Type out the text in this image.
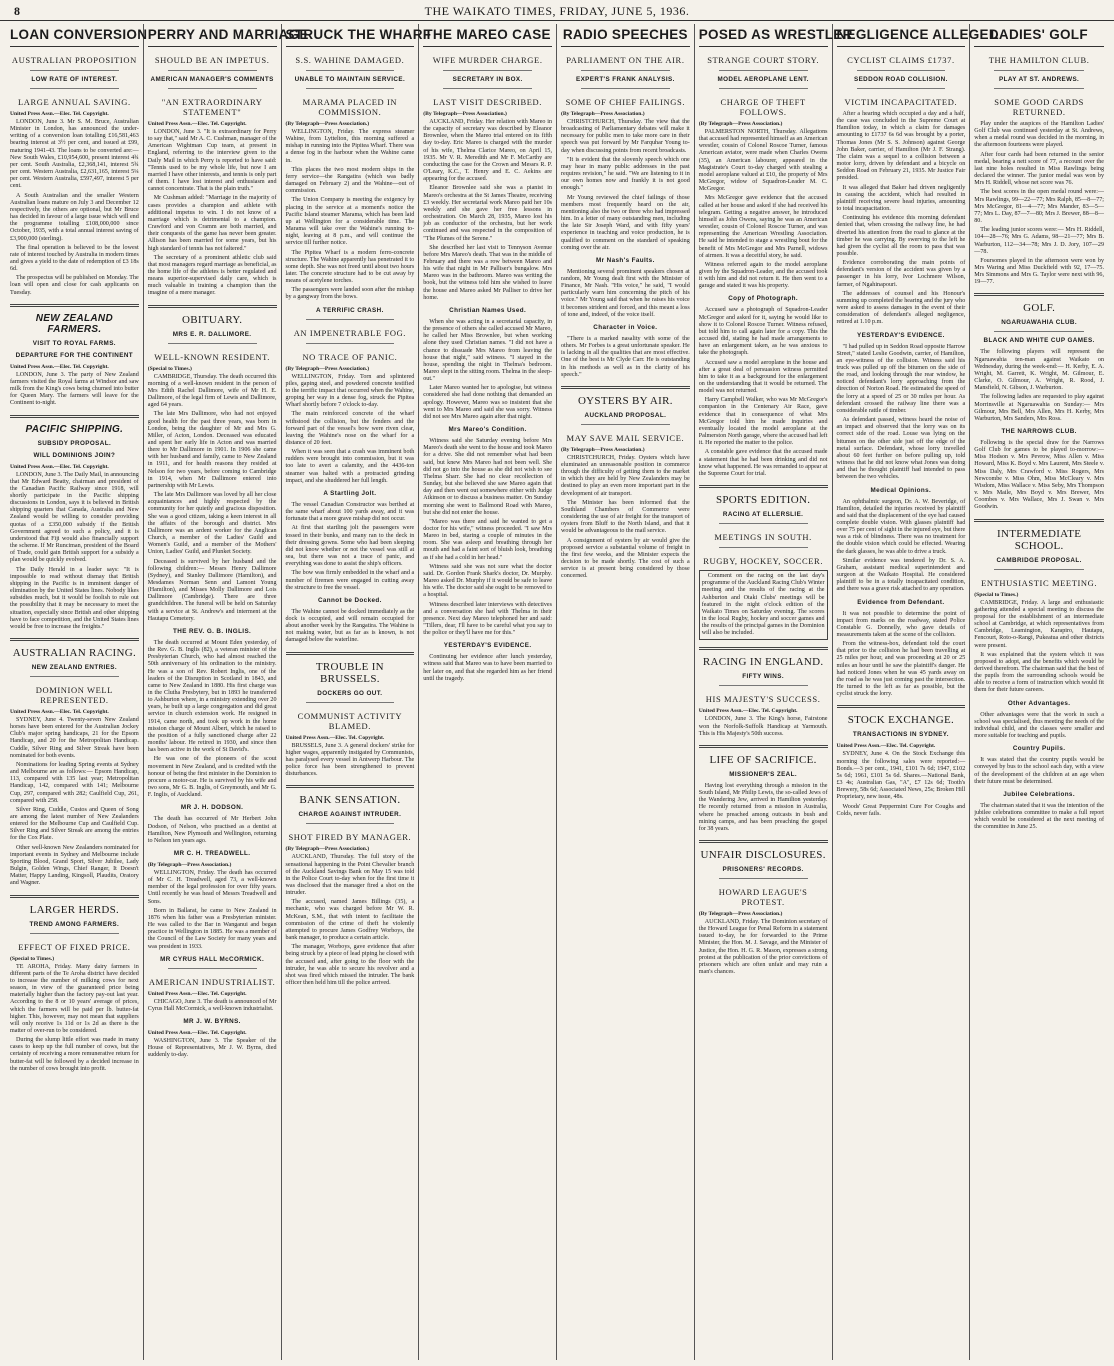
8	THE WAIKATO TIMES, FRIDAY, JUNE 5, 1936.
LOAN CONVERSION
AUSTRALIAN PROPOSITION
LOW RATE OF INTEREST.
LARGE ANNUAL SAVING.
United Press Assn.—Elec. Tel. Copyright.

LONDON, June 3. Mr S. M. Bruce, Australian Minister in London, has announced the under-writing of a conversion loan totalling £16,581,463 bearing interest at 3½ per cent, and issued at £99, maturing 1941-43. The loans to be converted are:— New South Wales, £10,954,600, present interest 4¾ per cent. South Australia, £2,368,141, interest 5¾ per cent. Western Australia, £2,631,165, interest 5¼ per cent. Western Australia, £597,497, interest 5 per cent.

A South Australian and the smaller Western Australian loans mature on July 3 and December 12 respectively, the others are optional, but Mr Bruce has decided in favour of a large issue which will end the programme totalling £108,000,000 since October, 1935, with a total annual interest saving of £3,900,000 (sterling).

The final operation is believed to be the lowest rate of interest touched by Australia in modern times and gives a yield to the date of redemption of £3 18s 6d.

The prospectus will be published on Monday. The loan will open and close for cash applicants on Tuesday.

NEW ZEALAND FARMERS.
VISIT TO ROYAL FARMS.
DEPARTURE FOR THE CONTINENT
United Press Assn.—Elec. Tel. Copyright.

LONDON, June 3. The party of New Zealand farmers visited the Royal farms at Windsor and saw milk from the King's cows being churned into butter for Queen Mary. The farmers will leave for the Continent to-night.

PACIFIC SHIPPING.
SUBSIDY PROPOSAL.
WILL DOMINIONS JOIN?
United Press Assn.—Elec. Tel. Copyright.

LONDON, June 3. The Daily Mail, in announcing that Mr Edward Beatty, chairman and president of the Canadian Pacific Railway since 1918, will shortly participate in the Pacific shipping discussions in London, says it is believed in British shipping quarters that Canada, Australia and New Zealand would be willing to consider providing quotas of a £350,000 subsidy if the British Government agreed to such a policy, and it is understood that Fiji would also financially support the scheme. If Mr Runciman, president of the Board of Trade, could gain British support for a subsidy a plan would be quickly evolved.

The Daily Herald in a leader says: "It is impossible to read without dismay that British shipping in the Pacific is in imminent danger of elimination by the United States lines. Nobody likes subsidies much, but it would be foolish to rule out the possibility that it may be necessary to meet the situation, especially since British and other shipping have to face competition, and the United States lines would be free to increase the freights."

AUSTRALIAN RACING.
NEW ZEALAND ENTRIES.
DOMINION WELL REPRESENTED.
United Press Assn.—Elec. Tel. Copyright.

SYDNEY, June 4. Twenty-seven New Zealand horses have been entered for the Australian Jockey Club's major spring handicaps, 21 for the Epsom Handicap, and 20 for the Metropolitan Handicap. Cuddle, Silver Ring and Silver Streak have been nominated for both events.

Nominations for leading Spring events at Sydney and Melbourne are as follows:— Epsom Handicap, 113, compared with 135 last year; Metropolitan Handicap, 142, compared with 141; Melbourne Cup, 297, compared with 282; Caulfield Cup, 261, compared with 258.

Silver Ring, Cuddle, Custos and Queen of Song are among the latest number of New Zealanders entered for the Melbourne Cup and Caulfield Cup. Silver Ring and Silver Streak are among the entries for the Cox Plate.

Other well-known New Zealanders nominated for important events in Sydney and Melbourne include Sporting Blood, Grand Sport, Silver Jubilee, Lady Bulgin, Golden Wings, Chief Ranger, It Doesn't Matter, Happy Landing, Kingsoll, Plaudits, Oratory and Wagner.

LARGER HERDS.
TREND AMONG FARMERS.
EFFECT OF FIXED PRICE.
(Special to Times.)

TE AROHA, Friday. Many dairy farmers in different parts of the Te Aroha district have decided to increase the number of milking cows for next season, in view of the guaranteed price being materially higher than the factory pay-out last year. According to the 8 or 10 years' average of prices, which the farmers will be paid per lb. butter-fat higher. This, however, may not mean that suppliers will only receive 1s 11d or 1s 2d as there is the matter of over-run to be considered.

During the slump little effort was made in many cases to keep up the full number of cows, but the certainty of receiving a more remunerative return for butter-fat will be followed by a decided increase in the number of cows brought into profit.

PERRY AND MARRIAGE
SHOULD BE AN IMPETUS.
AMERICAN MANAGER'S COMMENTS
"AN EXTRAORDINARY STATEMENT"
United Press Assn.—Elec. Tel. Copyright.

LONDON, June 3. "It is extraordinary for Perry to say that," said Mr A. C. Cushman, manager of the American Wightman Cup team, at present in England, referring to the interview given to the Daily Mail in which Perry is reported to have said: "Tennis used to be my whole life, but now I am married I have other interests, and tennis is only part of them. I have lost interest and enthusiasm and cannot concentrate. That is the plain truth."

Mr Cushman added: "Marriage in the majority of cases provides a champion and athlete with additional impetus to win. I do not know of a marriage which is detrimental to a champion. Crawford and von Cramm are both married, and their conquests of the game has never been greater. Allison has been married for some years, but his high standard of tennis has not faltered."

The secretary of a prominent athletic club said that most managers regard marriage as beneficial, as the home life of the athletes is better regulated and means superior-supervised daily care, which is much valuable in training a champion than the imagine of a mere manager.

OBITUARY.
MRS E. R. DALLIMORE.
WELL-KNOWN RESIDENT.
(Special to Times.)

CAMBRIDGE, Thursday. The death occurred this morning of a well-known resident in the person of Mrs Edith Rachel Dallimore, wife of Mr H. E. Dallimore, of the legal firm of Lewis and Dallimore, aged 64 years.

The late Mrs Dallimore, who had not enjoyed good health for the past three years, was born in London, being the daughter of Mr and Mrs G. Miller, of Acton, London. Deceased was educated and spent her early life in Acton and was married there to Mr Dallimore in 1901. In 1906 she came with her husband and family, came to New Zealand in 1911, and for health reasons they resided at Nelson for two years, before coming to Cambridge in 1914, when Mr Dallimore entered into partnership with Mr Lewis.

The late Mrs Dallimore was loved by all her close acquaintances and highly respected by the community for her quietly and gracious disposition. She was a good citizen, taking a keen interest in all the affairs of the borough and district. Mrs Dallimore was an ardent worker for the Anglican Church, a member of the Ladies' Guild and Women's Guild, and a member of the Mothers' Union, Ladies' Guild, and Plunket Society.

Deceased is survived by her husband and the following children:— Messrs Henry Dallimore (Sydney), and Stanley Dallimore (Hamilton), and Mesdames Norman Senn and Lamont Young (Hamilton), and Misses Molly Dallimore and Lois Dallimore (Cambridge). There are three grandchildren. The funeral will be held on Saturday with a service at St. Andrew's and interment at the Hautapu Cemetery.

THE REV. G. B. INGLIS.

The death occurred at Mount Eden yesterday, of the Rev. G. B. Inglis (82), a veteran minister of the Presbyterian Church, who had almost reached the 50th anniversary of his ordination to the ministry. He was a son of Rev. Robert Inglis, one of the leaders of the Disruption in Scotland in 1843, and came to New Zealand in 1880. His first charge was in the Clutha Presbytery, but in 1893 he transferred to Ashburton where, in a ministry extending over 20 years, he built up a large congregation and did great service in church extension work. He resigned in 1914, came north, and took up work in the home mission charge of Mount Albert, which he raised to the position of a fully sanctioned charge after 22 months' labour. He retired in 1930, and since then has been active in the work of St David's.

He was one of the pioneers of the scout movement in New Zealand, and is credited with the honour of being the first minister in the Dominion to procure a motor-car. He is survived by his wife and two sons, Mr G. B. Inglis, of Greymouth, and Mr G. F. Inglis, of Auckland.

MR J. H. DODSON.

The death has occurred of Mr Herbert John Dodson, of Nelson, who practised as a dentist at Hamilton, New Plymouth and Wellington, returning to Nelson ten years ago.

MR C. H. TREADWELL.
(By Telegraph—Press Association.)

WELLINGTON, Friday. The death has occurred of Mr C. H. Treadwell, aged 73, a well-known member of the legal profession for over fifty years. Until recently he was head of Messrs Treadwell and Sons.

Born in Ballarat, he came to New Zealand in 1876 when his father was a Presbyterian minister. He was called to the Bar in Wanganui and began practice in Wellington in 1885. He was a member of the Council of the Law Society for many years and was president in 1933.

MR CYRUS HALL McCORMICK.
AMERICAN INDUSTRIALIST.
United Press Assn.—Elec. Tel. Copyright.

CHICAGO, June 3. The death is announced of Mr Cyrus Hall McCormick, a well-known industrialist.

MR J. W. BYRNS.
United Press Assn.—Elec. Tel. Copyright.

WASHINGTON, June 3. The Speaker of the House of Representatives, Mr J. W. Byrns, died suddenly to-day.

STRUCK THE WHARF
S.S. WAHINE DAMAGED.
UNABLE TO MAINTAIN SERVICE.
MARAMA PLACED IN COMMISSION.
(By Telegraph—Press Association.)

WELLINGTON, Friday. The express steamer Wahine, from Lyttelton, this morning suffered a mishap in running into the Pipitea Wharf. There was a dense fog in the harbour when the Wahine came in.

This places the two most modern ships in the ferry service—the Rangatira (which was badly damaged on February 2) and the Wahine—out of commission.

The Union Company is meeting the exigency by placing in the service at a moment's notice the Pacific Island steamer Marama, which has been laid up at Wellington for a considerable time. The Marama will take over the Wahine's running to-night, leaving at 8 p.m., and will continue the service till further notice.

The Pipitea Wharf is a modern ferro-concrete structure. The Wahine apparently has penetrated it to some depth. She was not freed until about two hours later. The concrete structure had to be cut away by means of acetylene torches.

The passengers were landed soon after the mishap by a gangway from the bows.

A TERRIFIC CRASH.
AN IMPENETRABLE FOG.
NO TRACE OF PANIC.
(By Telegraph—Press Association.)

WELLINGTON, Friday. Torn and splintered piles, gaping steel, and powdered concrete testified to the terrific impact that occurred when the Wahine, groping her way in a dense fog, struck the Pipitea Wharf shortly before 7 o'clock to-day.

The main reinforced concrete of the wharf withstood the collision, but the fenders and the forward part of the vessel's bow were riven clear, leaving the Wahine's nose on the wharf for a distance of 20 feet.

When it was seen that a crash was imminent both rudders were brought into commission, but it was too late to avert a calamity, and the 4436-ton steamer was halted with a protracted grinding impact, and she shuddered her full length.

A Startling Jolt.

The vessel Canadian Constructor was berthed at the same wharf about 100 yards away, and it was fortunate that a more grave mishap did not occur.

At first that startling jolt the passengers were tossed in their bunks, and many ran to the deck in their dressing gowns. Some who had been sleeping did not know whether or not the vessel was still at sea, but there was not a trace of panic, and everything was done to assist the ship's officers.

The bow was firmly embedded in the wharf and a number of firemen were engaged in cutting away the structure to free the vessel.

Cannot be Docked.

The Wahine cannot be docked immediately as the dock is occupied, and will remain occupied for about another week by the Rangatira. The Wahine is not making water, but as far as is known, is not damaged below the waterline.

TROUBLE IN BRUSSELS.
DOCKERS GO OUT.
COMMUNIST ACTIVITY BLAMED.
United Press Assn.—Elec. Tel. Copyright.

BRUSSELS, June 3. A general dockers' strike for higher wages, apparently instigated by Communists, has paralysed every vessel in Antwerp Harbour. The police force has been strengthened to prevent disturbances.

BANK SENSATION.
CHARGE AGAINST INTRUDER.
SHOT FIRED BY MANAGER.
(By Telegraph—Press Association.)

AUCKLAND, Thursday. The full story of the sensational happening in the Point Chevalier branch of the Auckland Savings Bank on May 15 was told in the Police Court to-day when for the first time it was disclosed that the manager fired a shot on the intruder.

The accused, named James Billings (35), a mechanic, who was charged before Mr W. R. McKean, S.M., that with intent to facilitate the commission of the crime of theft he violently attempted to procure James Godfrey Worboys, the bank manager, to produce a certain article.

The manager, Worboys, gave evidence that after being struck by a piece of lead piping he closed with the accused and, after going to the floor with the intruder, he was able to secure his revolver and a shot was fired which missed the intruder. The bank officer then held him till the police arrived.

THE MAREO CASE
WIFE MURDER CHARGE.
SECRETARY IN BOX.
LAST VISIT DESCRIBED.
(By Telegraph—Press Association.)

AUCKLAND, Friday. Her relation with Mareo in the capacity of secretary was described by Eleanor Brownlee, when the Mareo trial entered on its fifth day to-day. Eric Mareo is charged with the murder of his wife, Thelma Clarice Mareo, on April 15, 1935. Mr V. R. Meredith and Mr F. McCarthy are conducting the case for the Crown and Messrs R. P. O'Leary, K.C., T. Henry and E. C. Aekins are appearing for the accused.

Eleanor Brownlee said she was a pianist in Mareo's orchestra at the St James Theatre, receiving £3 weekly. Her secretarial work Mareo paid her 10s weekly and she gave her free lessons in orchestration. On March 28, 1935, Mareo lost his job as conductor of the orchestra, but her work continued and was respected in the composition of "The Plumes of the Serene."

She described her last visit to Tennyson Avenue before Mrs Mareo's death. That was in the middle of February and there was a row between Mareo and his wife that night in Mr Palliser's bungalow. Mrs Mareo was in the bathroom. Mareo was writing the book, but the witness told him she wished to leave the house and Mareo asked Mr Palliser to drive her home.

Christian Names Used.

When she was acting in a secretarial capacity, in the presence of others she called accused Mr Mareo, he called her Miss Brownlee, but when working alone they used Christian names. "I did not have a chance to dissuade Mrs Mareo from leaving the house that night," said witness. "I stayed in the house, spending the night in Thelma's bedroom. Mareo slept in the sitting room. Thelma in the sleep-out."

Later Mareo wanted her to apologise, but witness considered she had done nothing that demanded an apology. However, Mareo was so insistent that she went to Mrs Mareo and said she was sorry. Witness did not see Mrs Mareo again after that night.

Mrs Mareo's Condition.

Witness said she Saturday evening before Mrs Mareo's death she went to the house and took Mareo for a drive. She did not remember what had been said, but knew Mrs Mareo had not been well. She did not go into the house as she did not wish to see Thelma Sharr. She had no clear recollection of Sunday, but she believed she saw Mareo again that day and then went out somewhere either with Judge Atkinson or to discuss a business matter. On Sunday morning she went to Ballmond Road with Mareo, but she did not enter the house.

"Mareo was there and said he wanted to get a doctor for his wife," witness proceeded. "I saw Mrs Mareo in bed, staring a couple of minutes in the room. She was asleep and breathing through her mouth and had a faint sort of bluish look, breathing as if she had a cold in her head."

Witness said she was not sure what the doctor said. Dr. Gordon Frank Shark's doctor, Dr. Murphy. Mareo asked Dr. Murphy if it would be safe to leave his wife. The doctor said she ought to be removed to a hospital.

Witness described later interviews with detectives and a conversation she had with Thelma in their presence. Next day Mareo telephoned her and said: "Tillers, dear, I'll have to be careful what you say to the police or they'll have me for this."

YESTERDAY'S EVIDENCE.

Continuing her evidence after lunch yesterday, witness said that Mareo was to have been married to her later on, and that she regarded him as her friend until the tragedy.

RADIO SPEECHES
PARLIAMENT ON THE AIR.
EXPERT'S FRANK ANALYSIS.
SOME OF CHIEF FAILINGS.
(By Telegraph—Press Association.)

CHRISTCHURCH, Thursday. The view that the broadcasting of Parliamentary debates will make it necessary for public men to take more care in their speech was put forward by Mr Farquhar Young to-day when discussing points from recent broadcasts.

"It is evident that the slovenly speech which one may hear in many public addresses in the past requires revision," he said. "We are listening to it in our own homes now and frankly it is not good enough."

Mr Young reviewed the chief failings of those members most frequently heard on the air, mentioning also the two or three who had impressed him. In a letter of many outstanding men, including the late Sir Joseph Ward, and with fifty years' experience in teaching and voice production, he is qualified to comment on the standard of speaking coming over the air.

Mr Nash's Faults.

Mentioning several prominent speakers chosen at random, Mr Young dealt first with the Minister of Finance, Mr Nash. "His voice," he said, "I would particularly warn him concerning the pitch of his voice." Mr Young said that when he raises his voice it becomes strident and forced, and this meant a loss of tone and, indeed, of the voice itself.

Character in Voice.

"There is a marked nasality with some of the others. Mr Forbes is a great unfortunate speaker. He is lacking in all the qualities that are most effective. One of the best is Mr Clyde Carr. He is outstanding in his methods as well as in the clarity of his speech."

OYSTERS BY AIR.
AUCKLAND PROPOSAL.
MAY SAVE MAIL SERVICE.
(By Telegraph—Press Association.)

CHRISTCHURCH, Friday. Oysters which have eluminated an unreasonable position in commerce through the difficulty of getting them to the market in which they are held by New Zealanders may be destined to play an even more important part in the development of air transport.

The Minister has been informed that the Southland Chambers of Commerce were considering the use of air freight for the transport of oysters from Bluff to the North Island, and that it would be advantageous to the mail service.

A consignment of oysters by air would give the proposed service a substantial volume of freight in the first few weeks, and the Minister expects the decision to be made shortly. The cost of such a service is at present being considered by those concerned.

POSED AS WRESTLER
STRANGE COURT STORY.
MODEL AEROPLANE LENT.
CHARGE OF THEFT FOLLOWS.
(By Telegraph—Press Association.)

PALMERSTON NORTH, Thursday. Allegations that accused had represented himself as an American wrestler, cousin of Colonel Roscoe Turner, famous American aviator, were made when Charles Owens (35), an American labourer, appeared in the Magistrate's Court to-day charged with stealing a model aeroplane valued at £10, the property of Mrs McGregor, widow of Squadron-Leader M. C. McGregor.

Mrs McGregor gave evidence that the accused called at her house and asked if she had received his telegram. Getting a negative answer, he introduced himself as John Owens, saying he was an American wrestler, cousin of Colonel Roscoe Turner, and was representing the American Wrestling Association. He said he intended to stage a wrestling bout for the benefit of Mrs McGregor and Mrs Parnell, widows of airmen. It was a deceitful story, he said.

Witness referred again to the model aeroplane given by the Squadron-Leader, and the accused took it with him and did not return it. He then went to a garage and stated it was his property.

Copy of Photograph.

Accused saw a photograph of Squadron-Leader McGregor and asked for it, saying he would like to show it to Colonel Roscoe Turner. Witness refused, but told him to call again later for a copy. This the accused did, stating he had made arrangements to have an enlargement taken, as he was anxious to take the photograph.

Accused saw a model aeroplane in the house and after a great deal of persuasion witness permitted him to take it as a background for the enlargement on the understanding that it would be returned. The model was not returned.

Harry Campbell Walker, who was Mr McGregor's companion in the Centenary Air Race, gave evidence that in consequence of what Mrs McGregor told him he made inquiries and eventually located the model aeroplane at the Palmerston North garage, where the accused had left it. He reported the matter to the police.

A constable gave evidence that the accused made a statement that he had been drinking and did not know what happened. He was remanded to appear at the Supreme Court for trial.

SPORTS EDITION.
RACING AT ELLERSLIE.
MEETINGS IN SOUTH.
RUGBY, HOCKEY, SOCCER.
Comment on the racing on the last day's programme of the Auckland Racing Club's Winter meeting and the results of the racing at the Ashburton and Otaki Clubs' meetings will be featured in the night o'clock edition of the Waikato Times on Saturday evening. The scores in the local Rugby, hockey and soccer games and the results of the principal games in the Dominion will also be included.
RACING IN ENGLAND.
FIFTY WINS.
HIS MAJESTY'S SUCCESS.
United Press Assn.—Elec. Tel. Copyright.

LONDON, June 3. The King's horse, Fairstone won the Norfolk-Suffolk Handicap at Yarmouth. This is His Majesty's 50th success.

LIFE OF SACRIFICE.
MISSIONER'S ZEAL.

Having lost everything through a mission in the South Island, Mr Philip Lewis, the so-called Jews of the Wandering Jew, arrived in Hamilton yesterday. He recently returned from a mission in Australia, where he preached among outcasts in bush and mining camps, and has been preaching the gospel for 38 years.

UNFAIR DISCLOSURES.
PRISONERS' RECORDS.
HOWARD LEAGUE'S PROTEST.
(By Telegraph—Press Association.)

AUCKLAND, Friday. The Dominion secretary of the Howard League for Penal Reform in a statement issued to-day, he for forwarded to the Prime Minister, the Hon. M. J. Savage, and the Minister of Justice, the Hon. H. G. R. Mason, expresses a strong protest at the publication of the prior convictions of prisoners which are often unfair and may ruin a man's chances.

NEGLIGENCE ALLEGED
CYCLIST CLAIMS £1737.
SEDDON ROAD COLLISION.
VICTIM INCAPACITATED.

After a hearing which occupied a day and a half, the case was concluded in the Supreme Court at Hamilton today, in which a claim for damages amounting to £1737 6s 6d was brought by a porter, Thomas Jones (Mr S. S. Johnson) against George John Baker, carrier, of Hamilton (Mr J. F. Strang). The claim was a sequel to a collision between a motor lorry, driven by defendant and a bicycle on Seddon Road on February 21, 1935. Mr Justice Fair presided.

It was alleged that Baker had driven negligently in causing the accident, which had resulted in plaintiff receiving severe head injuries, amounting to total incapacitation.

Continuing his evidence this morning defendant denied that, when crossing the railway line, he had diverted his attention from the road to glance at the timber he was carrying. By swerving to the left he had given the cyclist all the room to pass that was possible.

Evidence corroborating the main points of defendant's version of the accident was given by a passenger in his lorry, Ivor Lochmere Wilson, farmer, of Ngahinapouri.

The addresses of counsel and his Honour's summing up completed the hearing and the jury who were asked to assess damages in the event of their consideration of defendant's alleged negligence, retired at 1.10 p.m.

YESTERDAY'S EVIDENCE.

"I had pulled up in Seddon Road opposite Harrow Street," stated Leslie Goodwin, carrier, of Hamilton, an eye-witness of the collision. Witness said his truck was pulled up off the bitumen on the side of the road, and looking through the rear window, he noticed defendant's lorry approaching from the direction of Norton Road. He estimated the speed of the lorry at a speed of 25 or 30 miles per hour. As defendant crossed the railway line there was a considerable rattle of timber.

As defendant passed, witness heard the noise of an impact and observed that the lorry was on its correct side of the road. Louse was lying on the bitumen on the other side just off the edge of the metal surface. Defendant, whose lorry travelled about 60 feet further on before pulling up, told witness that he did not know what Jones was doing and that he thought plaintiff had intended to pass between the two vehicles.

Medical Opinions.

An ophthalmic surgeon, Dr. A. W. Beveridge, of Hamilton, detailed the injuries received by plaintiff and said that the displacement of the eye had caused complete double vision. With glasses plaintiff had over 75 per cent of sight in the injured eye, but there was a risk of blindness. There was no treatment for the double vision which could be effected. Wearing the dark glasses, he was able to drive a truck.

Similar evidence was tendered by Dr. S. A. Graham, assistant medical superintendent and surgeon at the Waikato Hospital. He considered plaintiff to be in a totally incapacitated condition, and there was a grave risk attached to any operation.

Evidence from Defendant.

It was not possible to determine the point of impact from marks on the roadway, stated Police Constable G. Donnelly, who gave details of measurements taken at the scene of the collision.

From the witness-box, defendant told the court that prior to the collision he had been travelling at 25 miles per hour, and was proceeding at 20 or 25 miles an hour until he saw the plaintiff's danger. He had noticed Jones when he was 45 yards away on the road as he was just coming past the intersection. He turned to the left as far as possible, but the cyclist struck the lorry.

STOCK EXCHANGE.
TRANSACTIONS IN SYDNEY.
United Press Assn.—Elec. Tel. Copyright.

SYDNEY, June 4. On the Stock Exchange this morning the following sales were reported:— Bonds.—3 per cent., 1941, £101 7s 6d; 1947, £102 5s 6d; 1961, £101 5s 6d. Shares.—National Bank, £3 4s; Australian Gas, "A", £7 12s 6d; Tooth's Brewery, 58s 6d; Associated News, 25s; Broken Hill Proprietary, new issue, 48s.

Woods' Great Peppermint Cure For Coughs and Colds, never fails.

LADIES' GOLF
THE HAMILTON CLUB.
PLAY AT ST. ANDREWS.
SOME GOOD CARDS RETURNED.

Play under the auspices of the Hamilton Ladies' Golf Club was continued yesterday at St. Andrews, when a medal round was decided in the morning, in the afternoon fourteens were played.

After four cards had been returned in the senior medal, bearing a nett score of 77, a recount over the last nine holes resulted in Miss Rawlings being declared the winner. The junior medal was won by Mrs H. Riddell, whose net score was 76.

The best scores in the open medal round were:— Mrs Rawlings, 99—22—77; Mrs Ralph, 85—8—77; Mrs McGregor, 81—4—77; Mrs Mander, 83—5—77; Mrs L. Day, 87—7—80; Mrs J. Brewer, 88—8—80.

The leading junior scores were:— Mrs H. Riddell, 104—28—76; Mrs G. Adams, 98—21—77; Mrs B. Warburton, 112—34—78; Mrs J. D. Jory, 107—29—78.

Foursomes played in the afternoon were won by Mrs Waring and Miss Duckfield with 92, 17—75. Mrs Simmons and Mrs G. Taylor were next with 96, 19—77.

GOLF.
NGARUAWAHIA CLUB.
BLACK AND WHITE CUP GAMES.

The following players will represent the Ngaruawahia ten-man against Waikato on Wednesday, during the week-end:— H. Kerby, E. A. Wright, M. Garrett, K. Wright, M. Gilmour, E. Clarke, O. Gilmour, A. Wright, R. Rood, J. Mansfield, N. Gibson, J. Warburton.

The following ladies are requested to play against Morrinsville at Ngaruawahia on Sunday:— Mrs Gilmour, Mrs Bell, Mrs Allen, Mrs H. Kerby, Mrs Warburton, Mrs Sanders, Mrs Ross.

THE NARROWS CLUB.

Following is the special draw for the Narrows Golf Club for games to be played to-morrow:— Miss Hodson v. Mrs Pevrow, Miss Allen v. Miss Howard, Miss K. Boyd v. Mrs Laurent, Mrs Steele v. Miss Daly, Mrs Crawford v. Miss Rogers, Mrs Newcombe v. Miss Ohm, Miss McCleary v. Mrs Wisdom, Miss Wallace v. Miss Seby, Mrs Thompson v. Mrs Maile, Mrs Boyd v. Mrs Brewer, Mrs Coombes v. Mrs Wallace, Mrs J. Swan v. Mrs Goodwin.

INTERMEDIATE SCHOOL.
CAMBRIDGE PROPOSAL.
ENTHUSIASTIC MEETING.
(Special to Times.)

CAMBRIDGE, Friday. A large and enthusiastic gathering attended a special meeting to discuss the proposal for the establishment of an intermediate school at Cambridge, at which representatives from Cambridge, Leamington, Karapiro, Hautapu, Fencourt, Roto-o-Rangi, Pukeatua and other districts were present.

It was explained that the system which it was proposed to adopt, and the benefits which would be derived therefrom. The chairman said that the best of the pupils from the surrounding schools would be able to receive a form of instruction which would fit them for their future careers.

Other Advantages.

Other advantages were that the work in such a school was specialised, thus meeting the needs of the individual child, and the classes were smaller and more suitable for teaching and pupils.

Country Pupils.

It was stated that the country pupils would be conveyed by bus to the school each day, with a view of the development of the children at an age when their future must be determined.

Jubilee Celebrations.

The chairman stated that it was the intention of the jubilee celebrations committee to make a full report which would be considered at the next meeting of the committee in June 25.
